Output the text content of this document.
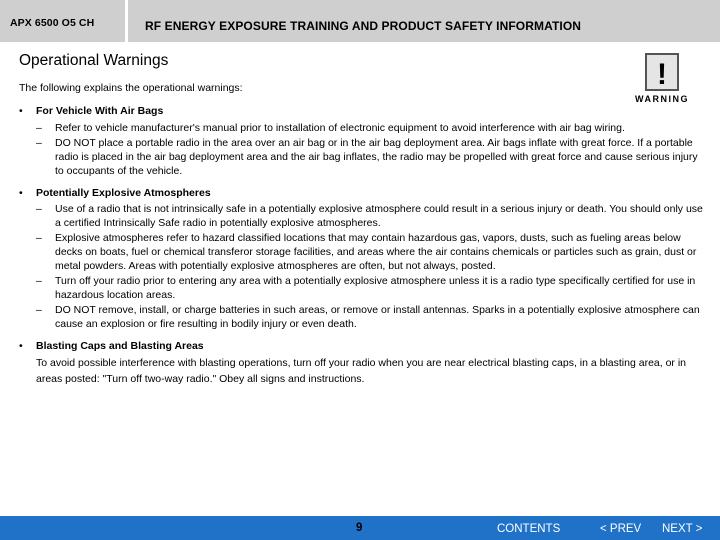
APX 6500 O5 CH	RF ENERGY EXPOSURE TRAINING AND PRODUCT SAFETY INFORMATION
Operational Warnings
The following explains the operational warnings:	!
WARNING
• For Vehicle With Air Bags
– Refer to vehicle manufacturer's manual prior to installation of electronic equipment to avoid interference with air bag wiring.
– DO NOT place a portable radio in the area over an air bag or in the air bag deployment area. Air bags inflate with great force. If a portable radio is placed in the air bag deployment area and the air bag inflates, the radio may be propelled with great force and cause serious injury to occupants of the vehicle.
• Potentially Explosive Atmospheres
– Use of a radio that is not intrinsically safe in a potentially explosive atmosphere could result in a serious injury or death. You should only use a certified Intrinsically Safe radio in potentially explosive atmospheres.
– Explosive atmospheres refer to hazard classified locations that may contain hazardous gas, vapors, dusts, such as fueling areas below decks on boats, fuel or chemical transferor storage facilities, and areas where the air contains chemicals or particles such as grain, dust or metal powders. Areas with potentially explosive atmospheres are often, but not always, posted.
– Turn off your radio prior to entering any area with a potentially explosive atmosphere unless it is a radio type specifically certified for use in hazardous location areas.
– DO NOT remove, install, or charge batteries in such areas, or remove or install antennas. Sparks in a potentially explosive atmosphere can cause an explosion or fire resulting in bodily injury or even death.
• Blasting Caps and Blasting Areas
To avoid possible interference with blasting operations, turn off your radio when you are near electrical blasting caps, in a blasting area, or in areas posted: "Turn off two-way radio." Obey all signs and instructions.
9	CONTENTS	< PREV NEXT >
